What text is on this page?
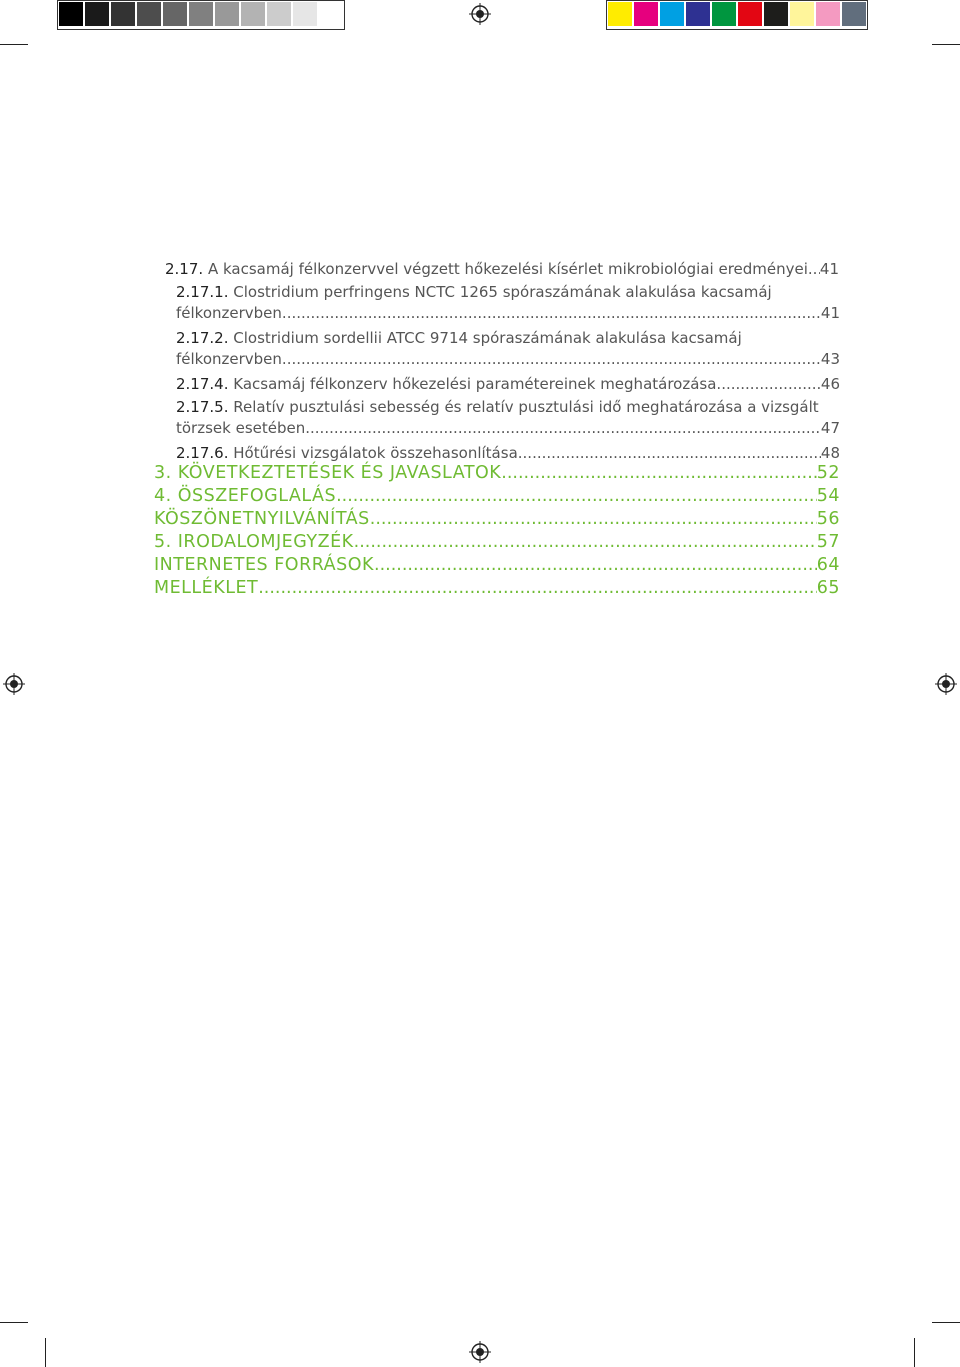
2.17. A kacsamáj félkonzervvel végzett hőkezelési kísérlet mikrobiológiai eredményei ..... 41
2.17.1. Clostridium perfringens NCTC 1265 spóraszámának alakulása kacsamáj
félkonzervben .....	41
2.17.2. Clostridium sordellii ATCC 9714 spóraszámának alakulása kacsamáj
félkonzervben .....	43
2.17.4. Kacsamáj félkonzerv hőkezelési paramétereinek meghatározása .....	46
2.17.5. Relatív pusztulási sebesség és relatív pusztulási idő meghatározása a vizsgált
törzsek esetében .....	47
2.17.6. Hőtűrési vizsgálatok összehasonlítása .....	48
3. KÖVETKEZTETÉSEK ÉS JAVASLATOK .....	52
4. ÖSSZEFOGLALÁS .....	54
KÖSZÖNETNYILVÁNÍTÁS .....	56
5. IRODALOMJEGYZÉK .....	57
INTERNETES FORRÁSOK .....	64
MELLÉKLET .....	65
